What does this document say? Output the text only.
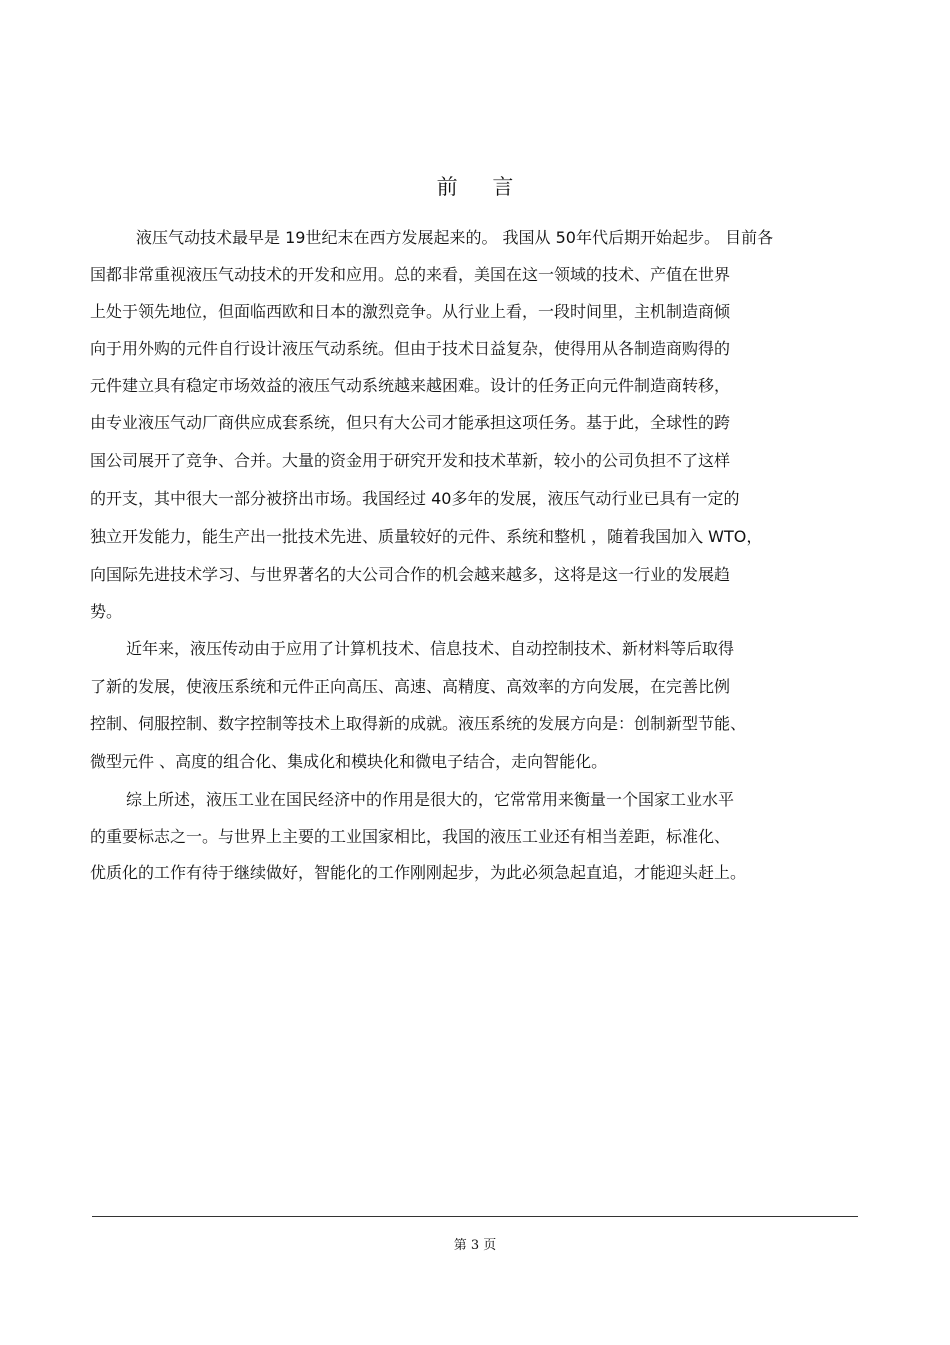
前 言
液压气动技术最早是 19世纪末在西方发展起来的。 我国从 50年代后期开始起步。 目前各
国都非常重视液压气动技术的开发和应用。总的来看，美国在这一领域的技术、产值在世界
上处于领先地位，但面临西欧和日本的激烈竞争。从行业上看，一段时间里，主机制造商倾
向于用外购的元件自行设计液压气动系统。但由于技术日益复杂，使得用从各制造商购得的
元件建立具有稳定市场效益的液压气动系统越来越困难。设计的任务正向元件制造商转移，
由专业液压气动厂商供应成套系统，但只有大公司才能承担这项任务。基于此，全球性的跨
国公司展开了竞争、合并。大量的资金用于研究开发和技术革新，较小的公司负担不了这样
的开支，其中很大一部分被挤出市场。我国经过 40多年的发展，液压气动行业已具有一定的
独立开发能力，能生产出一批技术先进、质量较好的元件、系统和整机 ，随着我国加入 WTO，
向国际先进技术学习、与世界著名的大公司合作的机会越来越多，这将是这一行业的发展趋
势。
近年来，液压传动由于应用了计算机技术、信息技术、自动控制技术、新材料等后取得
了新的发展，使液压系统和元件正向高压、高速、高精度、高效率的方向发展，在完善比例
控制、伺服控制、数字控制等技术上取得新的成就。液压系统的发展方向是：创制新型节能、
微型元件 、高度的组合化、集成化和模块化和微电子结合，走向智能化。
综上所述，液压工业在国民经济中的作用是很大的，它常常用来衡量一个国家工业水平
的重要标志之一。与世界上主要的工业国家相比，我国的液压工业还有相当差距，标准化、
优质化的工作有待于继续做好，智能化的工作刚刚起步，为此必须急起直追，才能迎头赶上。
第 3 页
